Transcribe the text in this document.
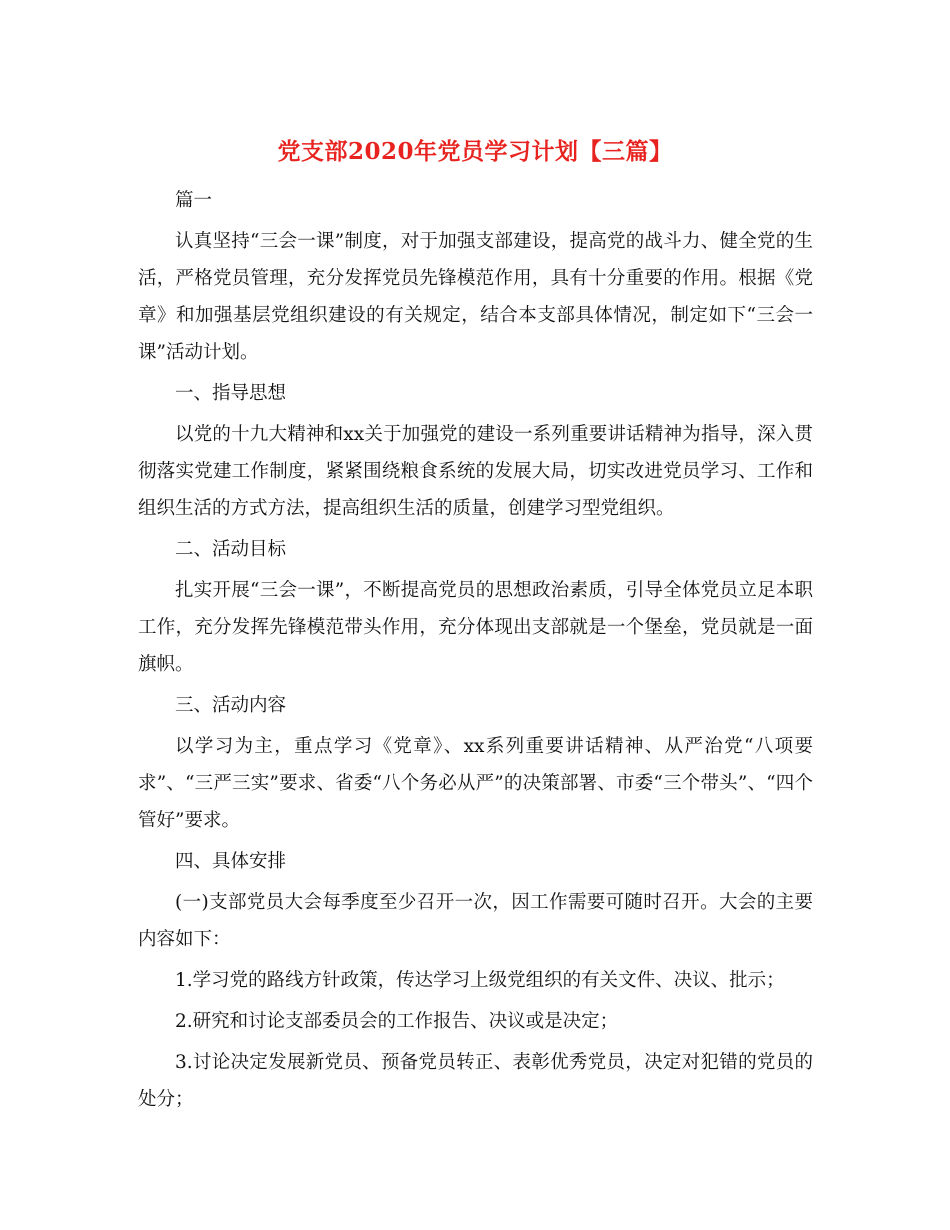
党支部2020年党员学习计划【三篇】

篇一

认真坚持“三会一课”制度，对于加强支部建设，提高党的战斗力、健全党的生活，严格党员管理，充分发挥党员先锋模范作用，具有十分重要的作用。根据《党章》和加强基层党组织建设的有关规定，结合本支部具体情况，制定如下“三会一课”活动计划。

一、指导思想

以党的十九大精神和xx关于加强党的建设一系列重要讲话精神为指导，深入贯彻落实党建工作制度，紧紧围绕粮食系统的发展大局，切实改进党员学习、工作和组织生活的方式方法，提高组织生活的质量，创建学习型党组织。

二、活动目标

扎实开展“三会一课”，不断提高党员的思想政治素质，引导全体党员立足本职工作，充分发挥先锋模范带头作用，充分体现出支部就是一个堡垒，党员就是一面旗帜。

三、活动内容

以学习为主，重点学习《党章》、xx系列重要讲话精神、从严治党“八项要求”、“三严三实”要求、省委“八个务必从严”的决策部署、市委“三个带头”、“四个管好”要求。

四、具体安排

(一)支部党员大会每季度至少召开一次，因工作需要可随时召开。大会的主要内容如下：

1.学习党的路线方针政策，传达学习上级党组织的有关文件、决议、批示；

2.研究和讨论支部委员会的工作报告、决议或是决定；

3.讨论决定发展新党员、预备党员转正、表彰优秀党员，决定对犯错的党员的处分；
